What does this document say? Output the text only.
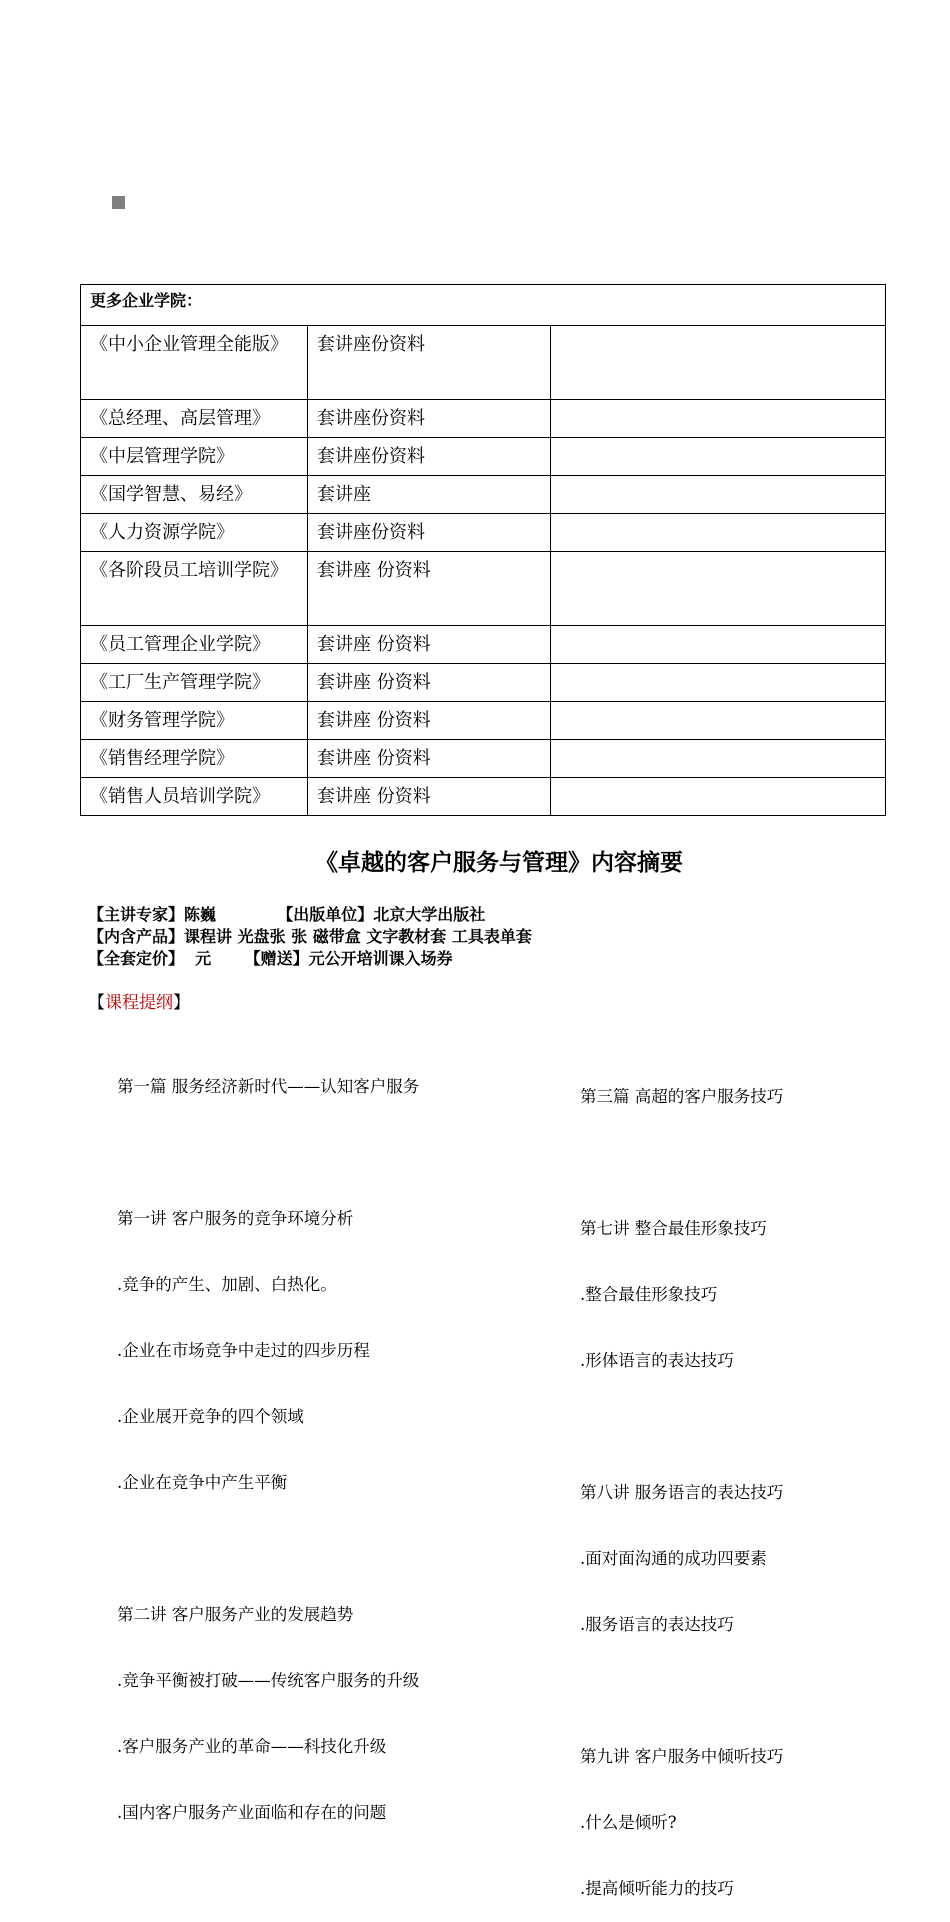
更多企业学院：		
《中小企业管理全能版》	套讲座份资料	
《总经理、高层管理》	套讲座份资料	
《中层管理学院》	套讲座份资料	
《国学智慧、易经》	套讲座	
《人力资源学院》	套讲座份资料	
《各阶段员工培训学院》	套讲座 份资料	
《员工管理企业学院》	套讲座 份资料	
《工厂生产管理学院》	套讲座 份资料	
《财务管理学院》	套讲座 份资料	
《销售经理学院》	套讲座 份资料	
《销售人员培训学院》	套讲座 份资料	
《卓越的客户服务与管理》内容摘要
【主讲专家】陈巍           【出版单位】北京大学出版社
【内含产品】课程讲 光盘张 张 磁带盒 文字教材套 工具表单套
【全套定价】  元      【赠送】元公开培训课入场券
【课程提纲】

第一篇 服务经济新时代——认知客户服务

第一讲 客户服务的竞争环境分析

.竞争的产生、加剧、白热化。

.企业在市场竞争中走过的四步历程

.企业展开竞争的四个领域

.企业在竞争中产生平衡

第二讲 客户服务产业的发展趋势

.竞争平衡被打破——传统客户服务的升级

.客户服务产业的革命——科技化升级

.国内客户服务产业面临和存在的问题

第三篇 高超的客户服务技巧

第七讲 整合最佳形象技巧

.整合最佳形象技巧

.形体语言的表达技巧

第八讲 服务语言的表达技巧

.面对面沟通的成功四要素

.服务语言的表达技巧

第九讲 客户服务中倾听技巧

.什么是倾听?

.提高倾听能力的技巧
